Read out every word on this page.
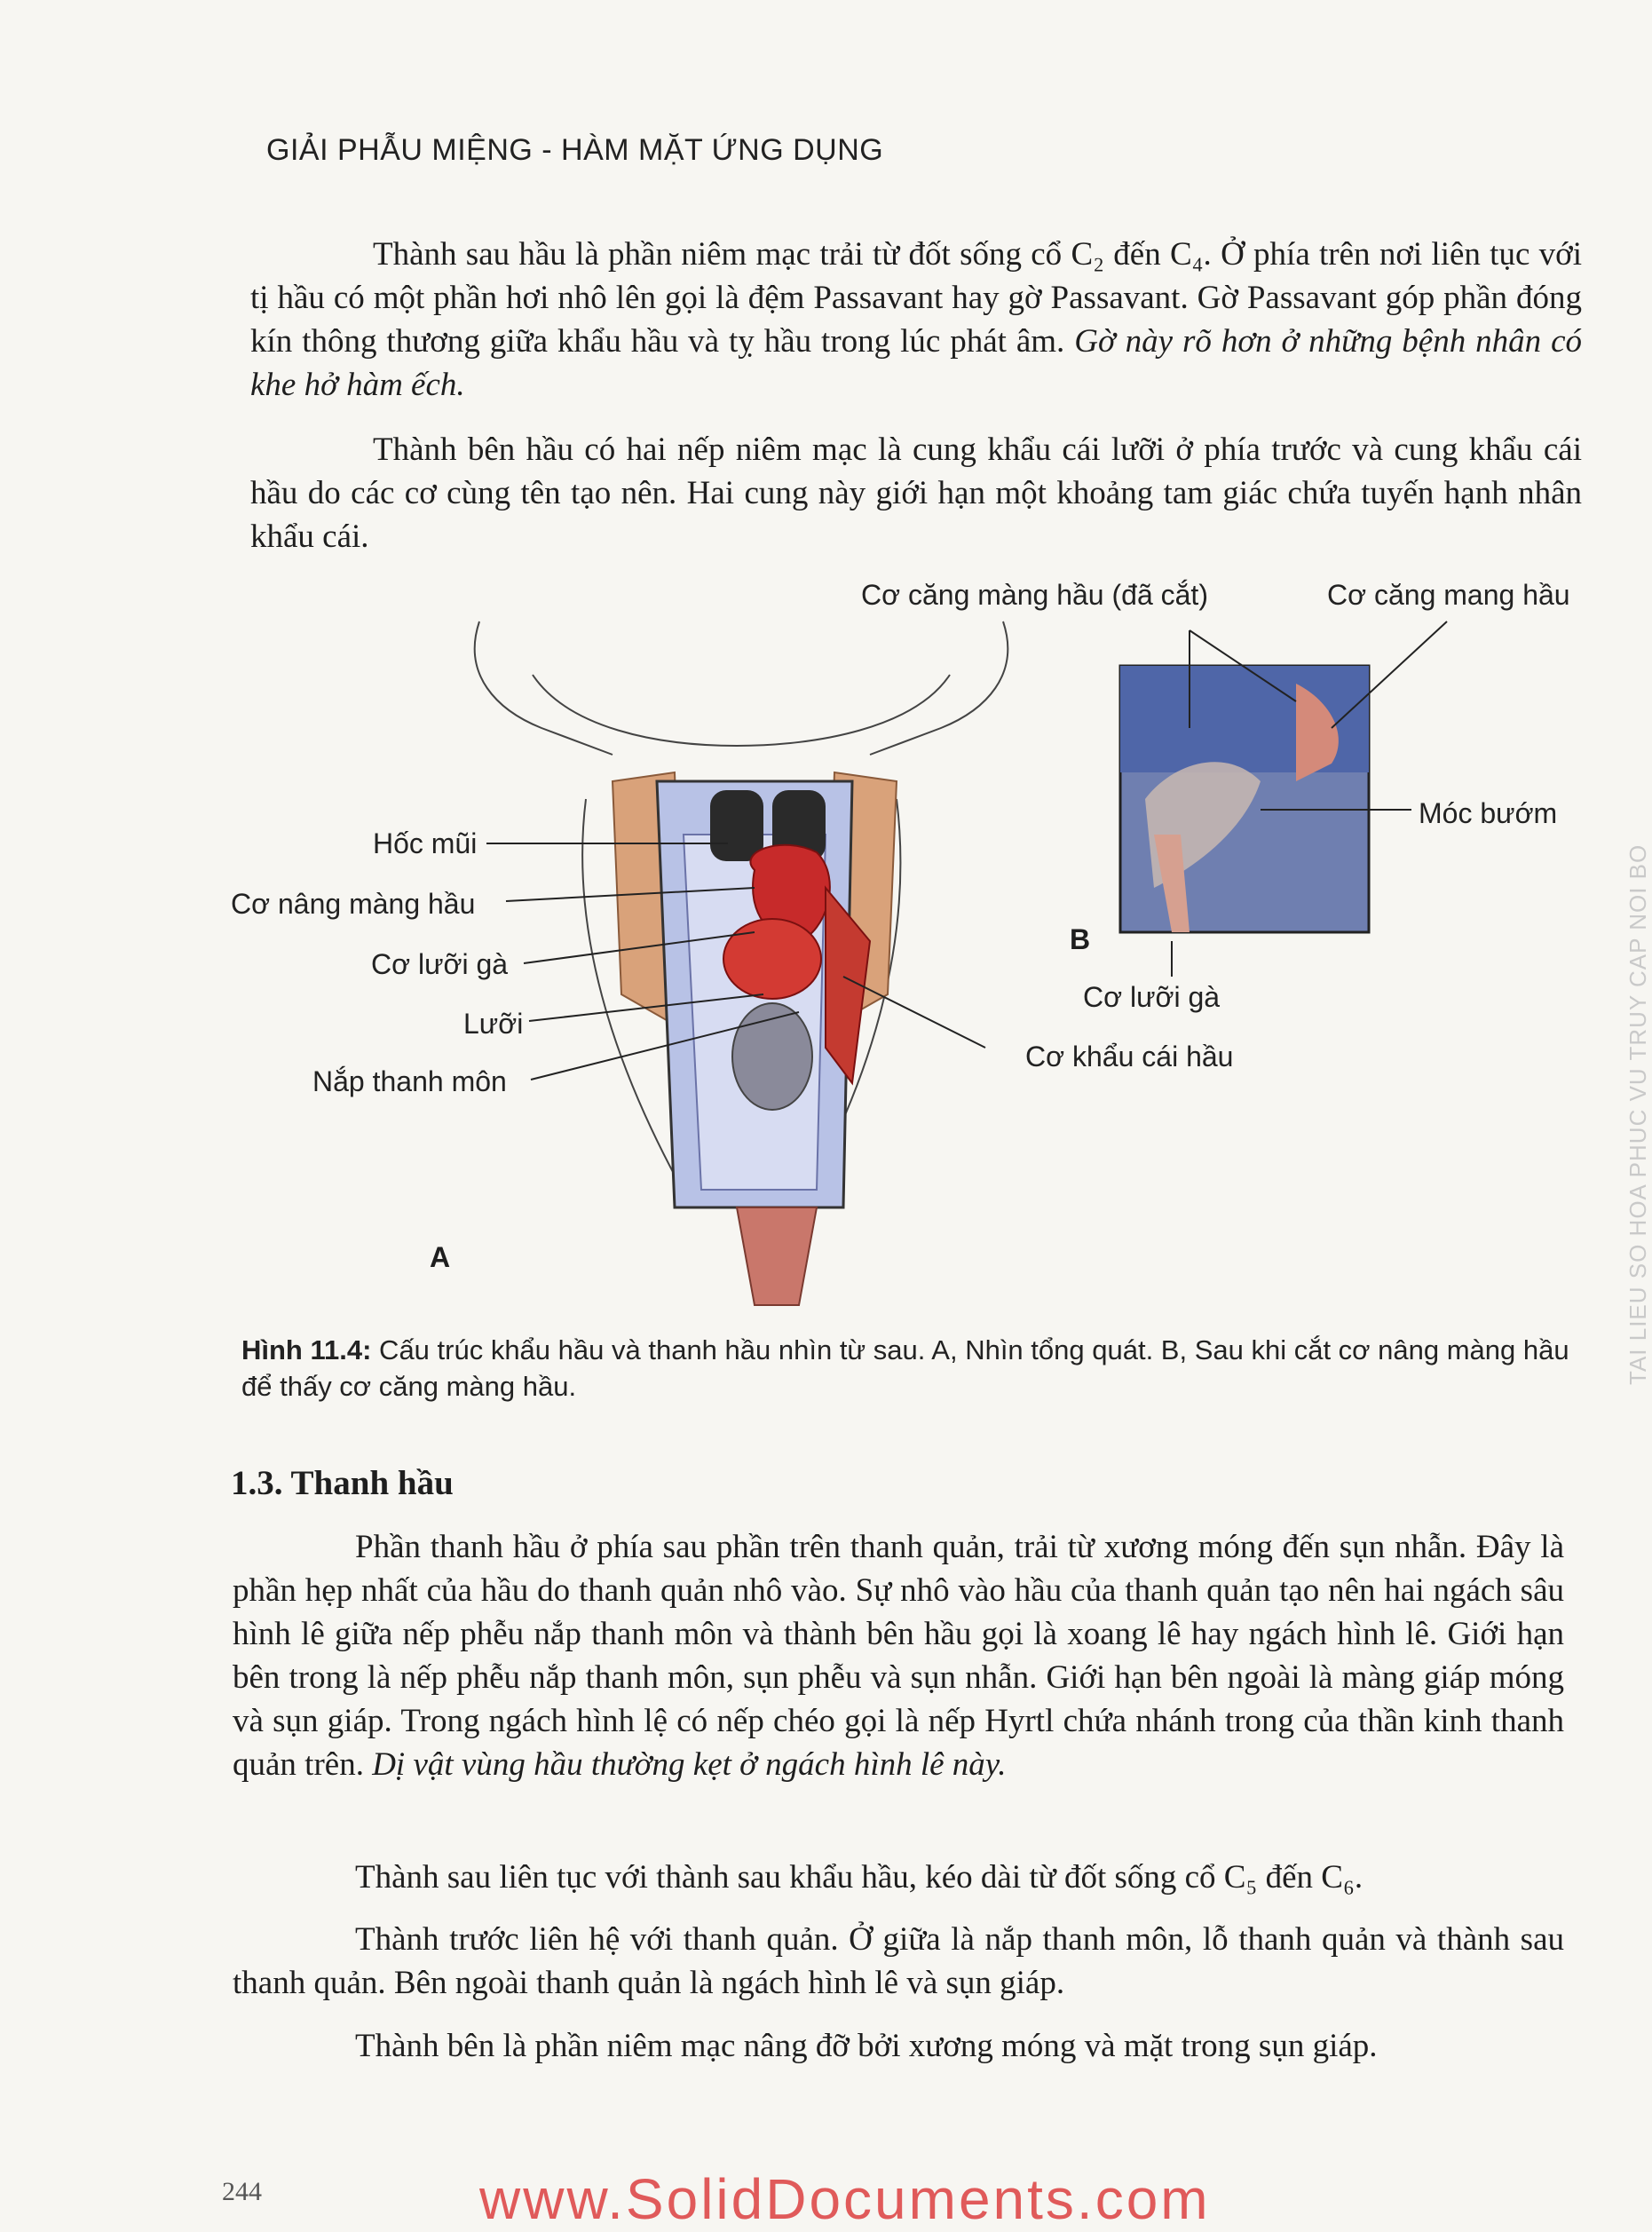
GIẢI PHẪU MIỆNG - HÀM MẶT ỨNG DỤNG
Thành sau hầu là phần niêm mạc trải từ đốt sống cổ C₂ đến C₄. Ở phía trên nơi liên tục với tị hầu có một phần hơi nhô lên gọi là đệm Passavant hay gờ Passavant. Gờ Passavant góp phần đóng kín thông thương giữa khẩu hầu và tỵ hầu trong lúc phát âm. Gờ này rõ hơn ở những bệnh nhân có khe hở hàm ếch.
Thành bên hầu có hai nếp niêm mạc là cung khẩu cái lưỡi ở phía trước và cung khẩu cái hầu do các cơ cùng tên tạo nên. Hai cung này giới hạn một khoảng tam giác chứa tuyến hạnh nhân khẩu cái.
Hốc mũi
Cơ nâng màng hầu
Cơ lưỡi gà
Lưỡi
Nắp thanh môn
Cơ khẩu cái hầu
Cơ căng màng hầu (đã cắt)	Cơ căng mang hầu
Móc bướm
Cơ lưỡi gà
B
A
Hình 11.4: Cấu trúc khẩu hầu và thanh hầu nhìn từ sau. A, Nhìn tổng quát. B, Sau khi cắt cơ nâng màng hầu để thấy cơ căng màng hầu.
1.3. Thanh hầu
Phần thanh hầu ở phía sau phần trên thanh quản, trải từ xương móng đến sụn nhẫn. Đây là phần hẹp nhất của hầu do thanh quản nhô vào. Sự nhô vào hầu của thanh quản tạo nên hai ngách sâu hình lê giữa nếp phễu nắp thanh môn và thành bên hầu gọi là xoang lê hay ngách hình lê. Giới hạn bên trong là nếp phễu nắp thanh môn, sụn phễu và sụn nhẫn. Giới hạn bên ngoài là màng giáp móng và sụn giáp. Trong ngách hình lệ có nếp chéo gọi là nếp Hyrtl chứa nhánh trong của thần kinh thanh quản trên. Dị vật vùng hầu thường kẹt ở ngách hình lê này.
Thành sau liên tục với thành sau khẩu hầu, kéo dài từ đốt sống cổ C₅ đến C₆.
Thành trước liên hệ với thanh quản. Ở giữa là nắp thanh môn, lỗ thanh quản và thành sau thanh quản. Bên ngoài thanh quản là ngách hình lê và sụn giáp.
Thành bên là phần niêm mạc nâng đỡ bởi xương móng và mặt trong sụn giáp.
TAI LIEU SO HOA PHUC VU TRUY CAP NOI BO
244	www.SolidDocuments.com
